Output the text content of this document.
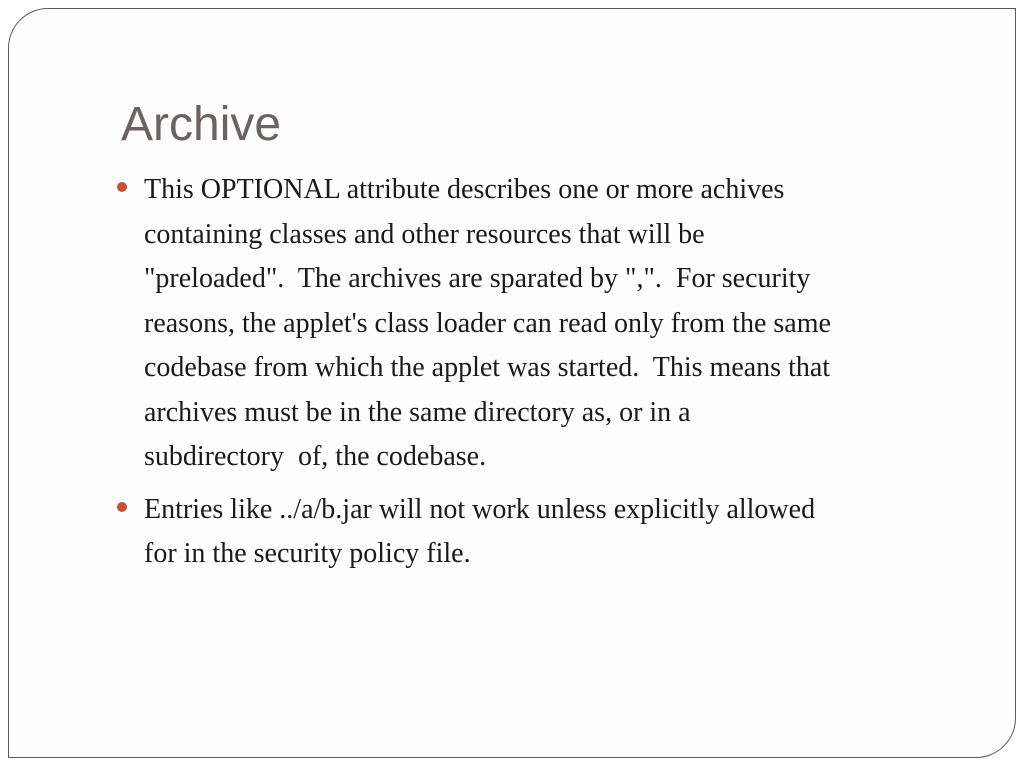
Archive
This OPTIONAL attribute describes one or more achives
containing classes and other resources that will be
"preloaded".  The archives are sparated by ",".  For security
reasons, the applet's class loader can read only from the same
codebase from which the applet was started.  This means that
archives must be in the same directory as, or in a
subdirectory  of, the codebase.
Entries like ../a/b.jar will not work unless explicitly allowed
for in the security policy file.
